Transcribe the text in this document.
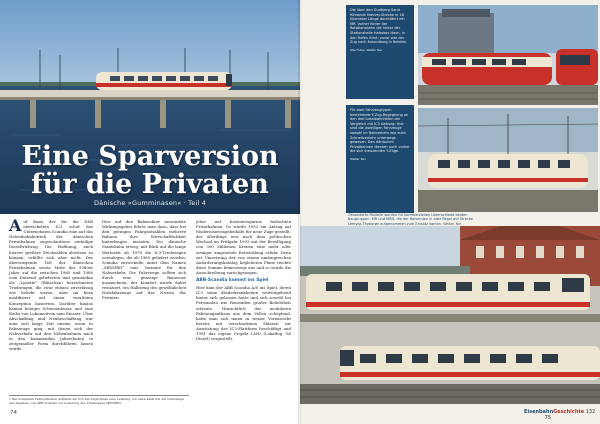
Eine Sparversion
für die Privaten
Dänische »Gumminasen« · Teil 4
A uf Basis der für die DSB entwickelten IC3 schuf das Unternehmen Scandia eine auf das Nebenbahnbetrieb der dänischen Privatbahnen zugeschnittene einteilige Dieseltriebzug. Die Hoffnung, auch hierver größere Stückzahlen absetzen zu können, erfüllte sich aber nicht. Der überwiegende Teil der dänischen Privatbahnen setzte Mitte der 1980er Jahre auf die zwischen 1965 und 1988 vom Dutzend gelieferten und gemeinhin als „Lynette“ (Blitzchen) bezeichneten Triebwagen, die zwar ebenso zuverlässig wie beliebt waren, aber im Kern modifiziert auf einen veralteten Konzeption basierten. Darüber hinaus kamen betagte Schienenbusse und eine Reihe von Lokomotiven zum Einsatz. Über Abschaffung und Neubeschaffung war man sich lange Zeit uneins, wenn es Fahrzeuge ging, mit denen sich der Nahverkehr auf den Nebenbahnen nach in den kommenden Jahrzehnten in zeitgemäßer Form durchführen lassen würde.
Dies auf den Bahnsektor anwendete Wirkungsgebot führte man dazu, dass bei den geringen Fahrgastzahlen mehrere Bahnen ihre Wirtschaftlichkeit hinterfragen mussten. Die dänische Staatsbahn erwog, mit Blick auf die lange Wartezeit ab 1978 die IC3-Triebwagen vorzulegen, die ab 1989 geliefert wurden. Scandia entwickelte unter dem Namen „MR/MRD“ eine Variante für den Nahverkehr. Die Fahrzeuge sollten sich durch eine günstige Bauweise auszeichnen; der Komfort wurde dabei reduziert, ein Halbzeug des gewöhnlichen Nutzfahrzeugs auf das Niveau der Privaten.
jeher auf Kostenersparnis bedachten Privatbahnen. So wurde 1992 ein Antrag auf Modernisierungsbeihilfe für neue Züge gestellt, der allerdings erst nach dem politischen Wechsel im Frühjahr 1993 mit der Bewilligung von 300 Millionen Kronen eine mehr oder weniger umgesetzte Entwicklung erfuhr. Denn zur Umsetzung der von einem umfangreichen Anforderungskatalog begleiteten Pläne reichte diese Summe keineswegs aus und so wurde die Ausschreibung zurückgezogen.
ABB-Scandia kommt ins Spiel
Hier kam der ABB Scandia A/S ins Spiel, deren IC3 seine Kinderkrankheiten weitestgehend hinter sich gelassen hatte und sich sowohl bei Personalen wie Reisenden großer Beliebtheit erfreute. Hinsichtlich des modularen Fahrzeugaufbaus aus dem Vollen schöpfend, hatte man sich innen in weiser Voraussicht bereits mit verschiedenen Skizzen zur Ausrüstung des IC3-Plattform beschäftigt und 1991 das eigene Projekt LMD (Lokaltog '96 Diesel) vorgestellt.
1 Bei normalem Fahrverhalten entfaltet ein IC3 am Zugschluss eine Leistung von etwa 4400 kW auf Grundlage der Angaben von ABB Scandia zur Lieferung der Triebwagen MR/MRD.
74
Die über den Gudbjerg Sand führende Hærvej-Strecke in 18 Kilometer Länge durchfährt ein MR. Vorher hinter der Rotationsbahn die hinter der Stationshalle Halsskov Havn, in den Hafen führt; zuvor war der Zug nach Kalundborg in Betrieb.
Alle Fotos: Walter Nel
Für zwei Fahrzeugtypen bestehende Y-Zug-Begegnung an den drei Lokalbahnhöfen der Vergleich mit IC3 Aalborg: Hier sind die jeweiligen Fahrzeuge sowohl im Nahverkehr wie auch Schnellverkehr unterwegs gewesen. Den dänischen Privatbahnen dienten auch vorher die sich kreuzenden Y-Züge.
Walter Nel
Gesonderte Modelle werden für kommerziellen Unterschiede beiden Baugruppen: MR und MRD, die der Reisenden in aller Regel auf Strecke Lemvig–Thyborøn aufgenommen zum Einsatz kamen. Walter Nel
EisenbahnGeschichte 132              75
